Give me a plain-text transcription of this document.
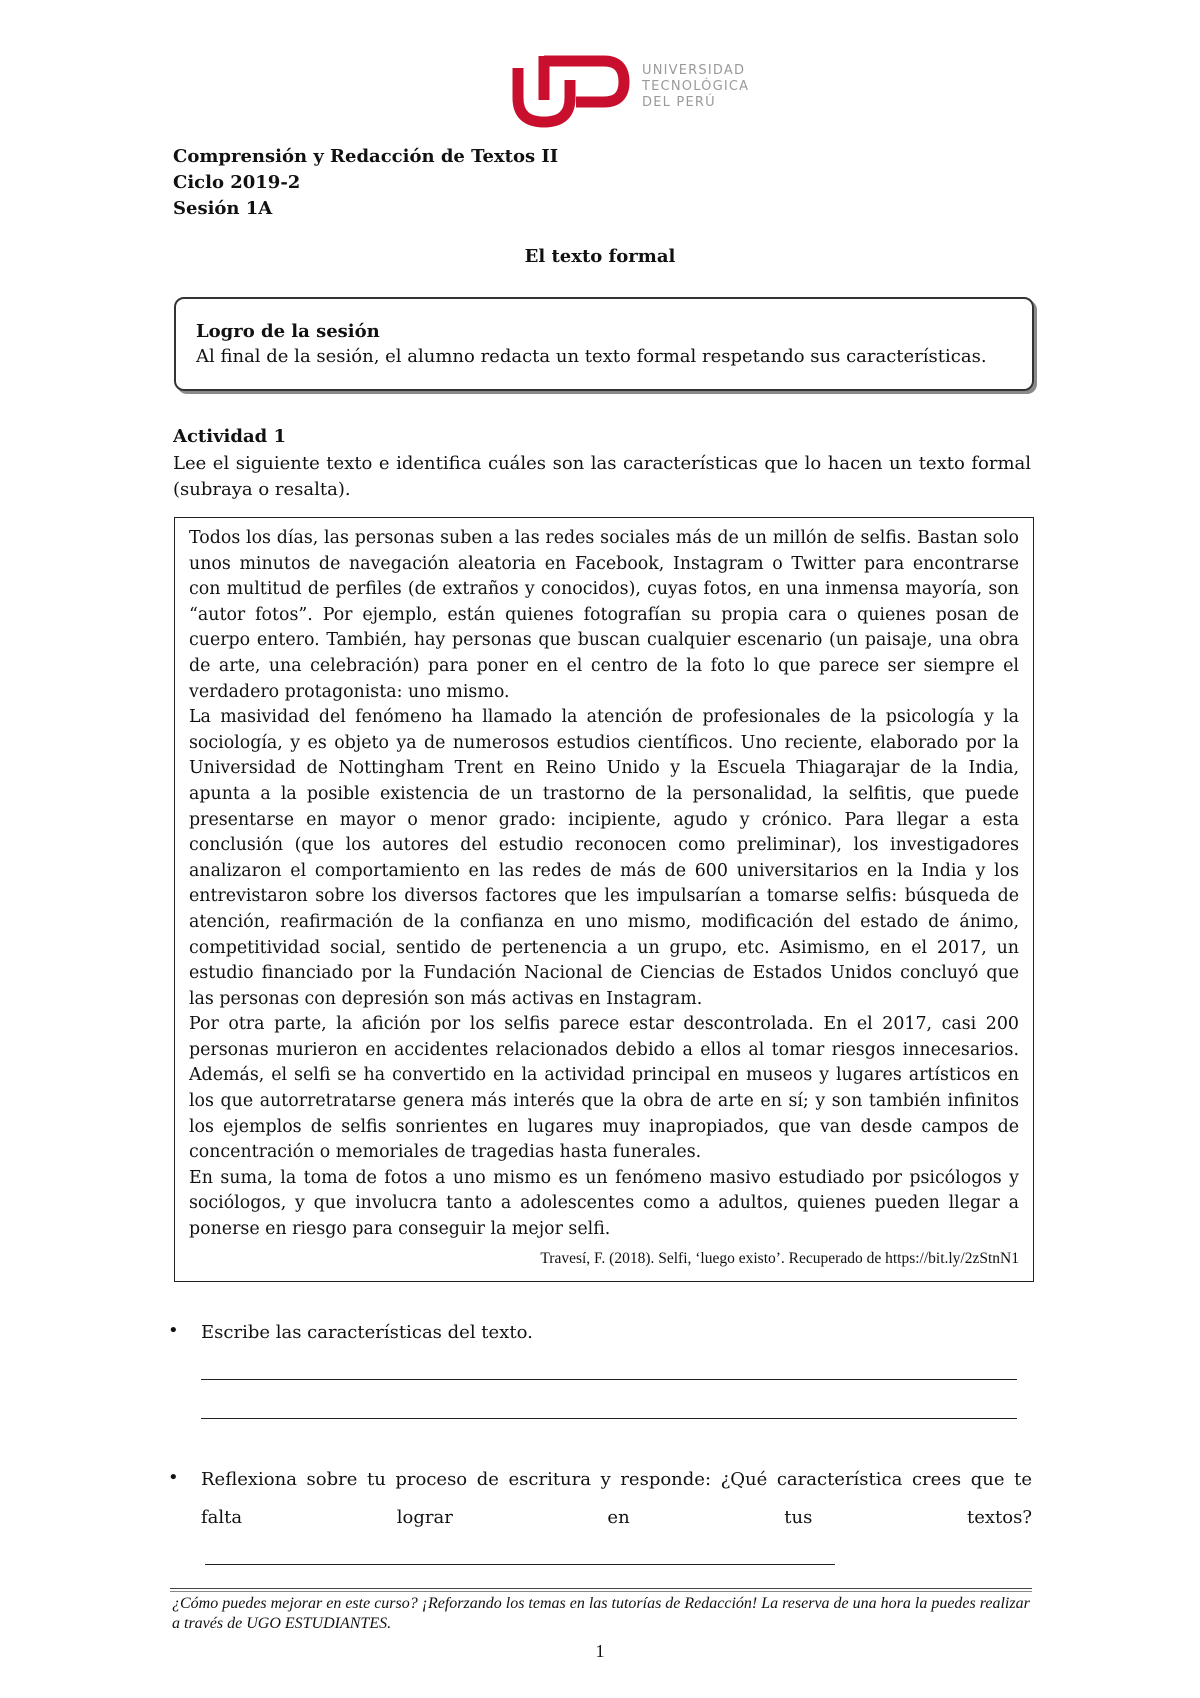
UNIVERSIDAD
TECNOLÓGICA
DEL PERÚ
Comprensión y Redacción de Textos II
Ciclo 2019-2
Sesión 1A
El texto formal
Logro de la sesión
Al final de la sesión, el alumno redacta un texto formal respetando sus características.
Actividad 1
Lee el siguiente texto e identifica cuáles son las características que lo hacen un texto formal (subraya o resalta).

Todos los días, las personas suben a las redes sociales más de un millón de selfis. Bastan solo unos minutos de navegación aleatoria en Facebook, Instagram o Twitter para encontrarse con multitud de perfiles (de extraños y conocidos), cuyas fotos, en una inmensa mayoría, son “autor fotos”. Por ejemplo, están quienes fotografían su propia cara o quienes posan de cuerpo entero. También, hay personas que buscan cualquier escenario (un paisaje, una obra de arte, una celebración) para poner en el centro de la foto lo que parece ser siempre el verdadero protagonista: uno mismo.

La masividad del fenómeno ha llamado la atención de profesionales de la psicología y la sociología, y es objeto ya de numerosos estudios científicos. Uno reciente, elaborado por la Universidad de Nottingham Trent en Reino Unido y la Escuela Thiagarajar de la India, apunta a la posible existencia de un trastorno de la personalidad, la selfitis, que puede presentarse en mayor o menor grado: incipiente, agudo y crónico. Para llegar a esta conclusión (que los autores del estudio reconocen como preliminar), los investigadores analizaron el comportamiento en las redes de más de 600 universitarios en la India y los entrevistaron sobre los diversos factores que les impulsarían a tomarse selfis: búsqueda de atención, reafirmación de la confianza en uno mismo, modificación del estado de ánimo, competitividad social, sentido de pertenencia a un grupo, etc. Asimismo, en el 2017, un estudio financiado por la Fundación Nacional de Ciencias de Estados Unidos concluyó que las personas con depresión son más activas en Instagram.

Por otra parte, la afición por los selfis parece estar descontrolada. En el 2017, casi 200 personas murieron en accidentes relacionados debido a ellos al tomar riesgos innecesarios. Además, el selfi se ha convertido en la actividad principal en museos y lugares artísticos en los que autorretratarse genera más interés que la obra de arte en sí; y son también infinitos los ejemplos de selfis sonrientes en lugares muy inapropiados, que van desde campos de concentración o memoriales de tragedias hasta funerales.

En suma, la toma de fotos a uno mismo es un fenómeno masivo estudiado por psicólogos y sociólogos, y que involucra tanto a adolescentes como a adultos, quienes pueden llegar a ponerse en riesgo para conseguir la mejor selfi.

Travesí, F. (2018). Selfi, ‘luego existo’. Recuperado de https://bit.ly/2zStnN1
• Escribe las características del texto.
• Reflexiona sobre tu proceso de escritura y responde: ¿Qué característica crees que te falta lograr en tus textos?
¿Cómo puedes mejorar en este curso? ¡Reforzando los temas en las tutorías de Redacción! La reserva de una hora la puedes realizar a través de UGO ESTUDIANTES.
1
